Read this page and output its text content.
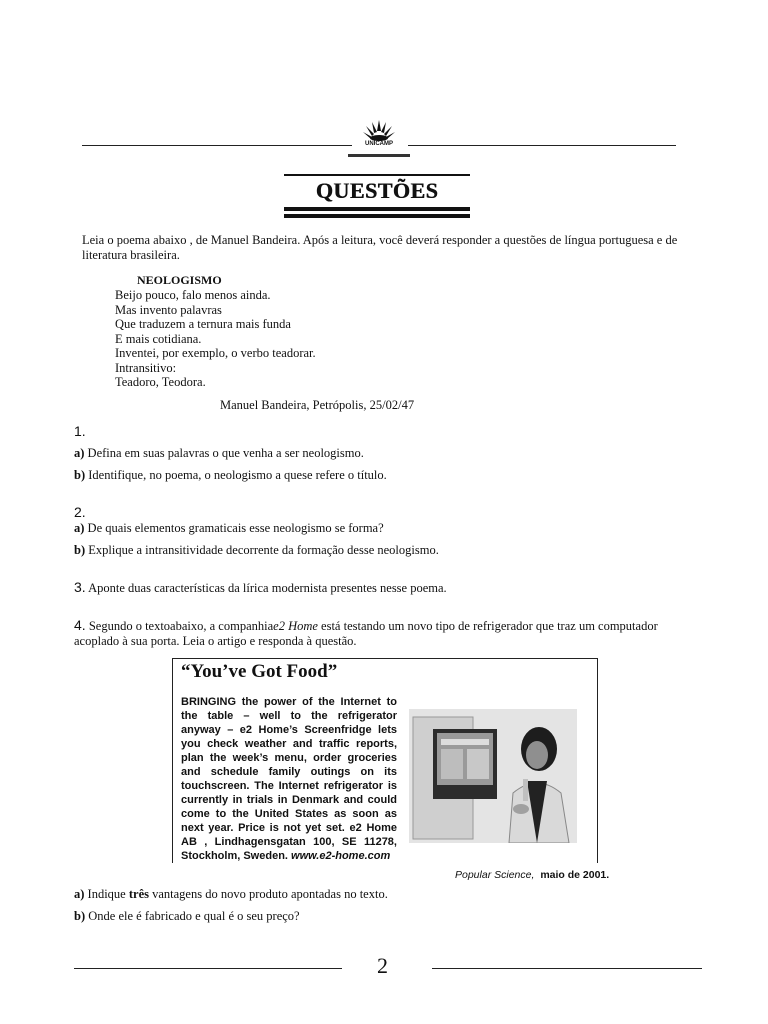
UNICAMP
QUESTÕES
Leia o poema abaixo , de Manuel Bandeira. Após a leitura, você deverá responder a questões de língua portuguesa e de literatura brasileira.
NEOLOGISMO
Beijo pouco, falo menos ainda.
Mas invento palavras
Que traduzem a ternura mais funda
E mais cotidiana.
Inventei, por exemplo, o verbo teadorar.
Intransitivo:
Teadoro, Teodora.
Manuel Bandeira, Petrópolis, 25/02/47
1.
a) Defina em suas palavras o que venha a ser neologismo.
b) Identifique, no poema, o neologismo a quese refere o título.
2.
a) De quais elementos gramaticais esse neologismo se forma?
b) Explique a intransitividade decorrente da formação desse neologismo.
3. Aponte duas características da lírica modernista presentes nesse poema.
4. Segundo o textoabaixo, a companhiae2 Home está testando um novo tipo de refrigerador que traz um computador acoplado à sua porta. Leia o artigo e responda à questão.
“You’ve Got Food”
BRINGING the power of the Internet to the table – well to the refrigerator anyway – e2 Home’s Screenfridge lets you check weather and traffic reports, plan the week’s menu, order groceries and schedule family outings on its touchscreen. The Internet refrigerator is currently in trials in Denmark and could come to the United States as soon as next year. Price is not yet set. e2 Home AB , Lindhagensgatan 100, SE 11278, Stockholm, Sweden. www.e2-home.com
Popular Science, maio de 2001.
a) Indique três vantagens do novo produto apontadas no texto.
b) Onde ele é fabricado e qual é o seu preço?
2
